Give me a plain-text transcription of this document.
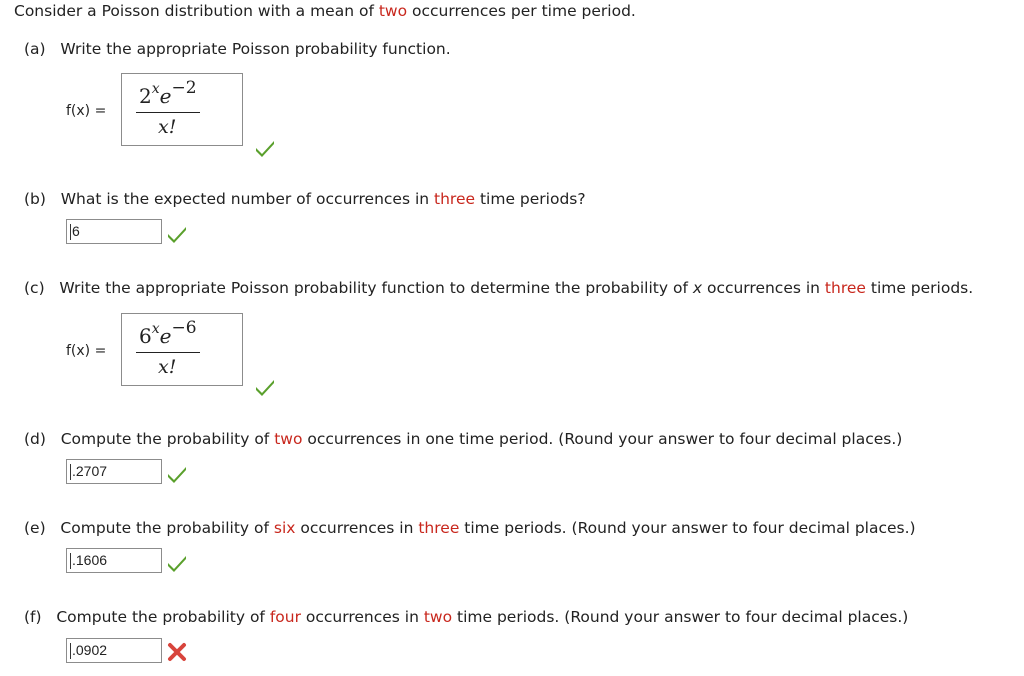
Consider a Poisson distribution with a mean of two occurrences per time period.
(a) Write the appropriate Poisson probability function.
f(x) =
$2^xe^{-2}$
x!
(b) What is the expected number of occurrences in three time periods?
6
(c) Write the appropriate Poisson probability function to determine the probability of x occurrences in three time periods.
f(x) =
$6^xe^{-6}$
x!
(d) Compute the probability of two occurrences in one time period. (Round your answer to four decimal places.)
.2707
(e) Compute the probability of six occurrences in three time periods. (Round your answer to four decimal places.)
.1606
(f) Compute the probability of four occurrences in two time periods. (Round your answer to four decimal places.)
.0902
